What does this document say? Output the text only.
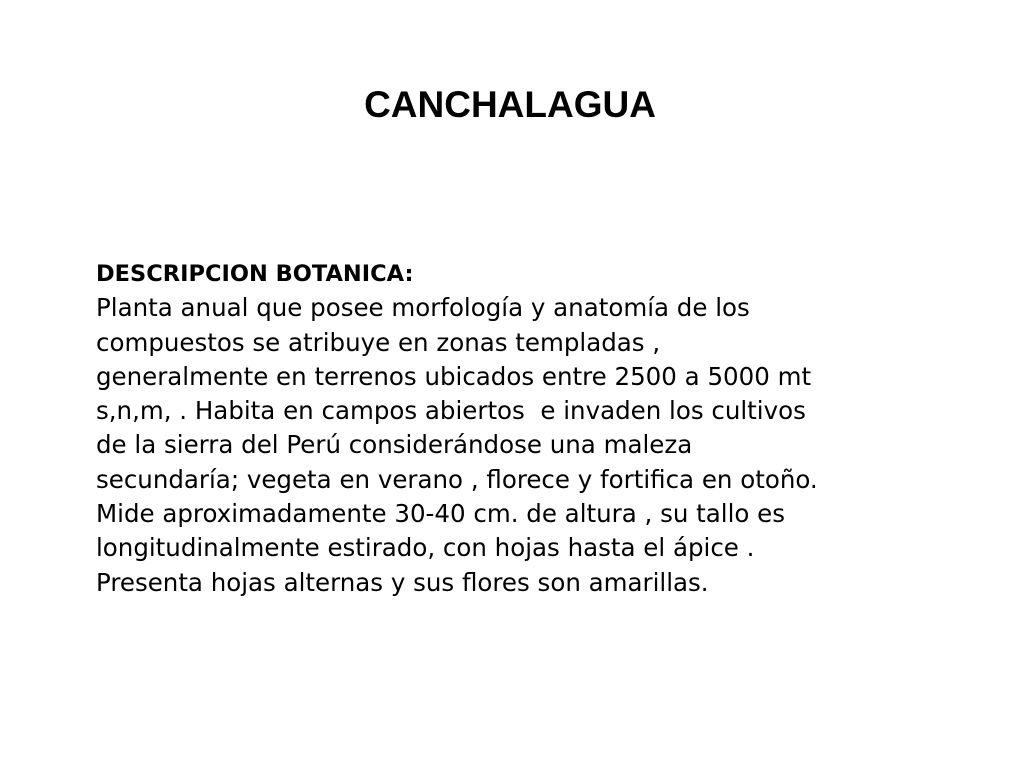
CANCHALAGUA
DESCRIPCION BOTANICA:
Planta anual que posee morfología y anatomía de los
compuestos se atribuye en zonas templadas ,
generalmente en terrenos ubicados entre 2500 a 5000 mt
s,n,m, . Habita en campos abiertos  e invaden los cultivos
de la sierra del Perú considerándose una maleza
secundaría; vegeta en verano , florece y fortifica en otoño.
Mide aproximadamente 30-40 cm. de altura , su tallo es
longitudinalmente estirado, con hojas hasta el ápice .
Presenta hojas alternas y sus flores son amarillas.
